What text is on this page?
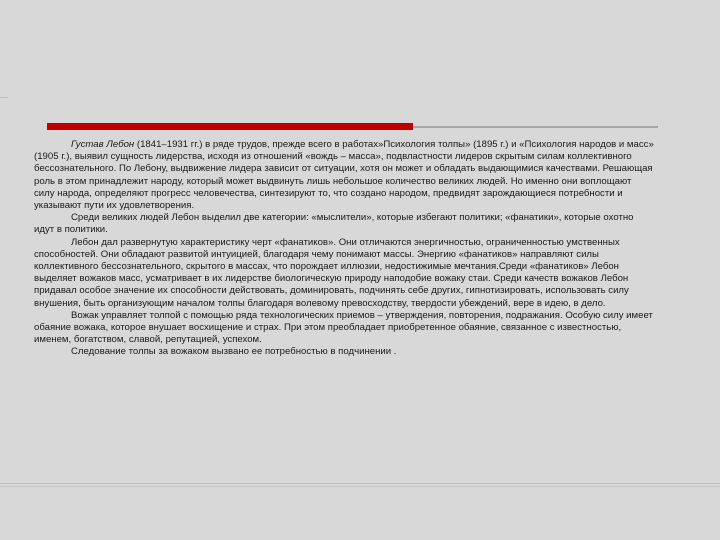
Густав Лебон (1841–1931 гг.) в ряде трудов, прежде всего в работах»Психология толпы» (1895 г.) и «Психология народов и масс» (1905 г.), выявил сущность лидерства, исходя из отношений «вождь – масса», подвластности лидеров скрытым силам коллективного бессознательного. По Лебону, выдвижение лидера зависит от ситуации, хотя он может и обладать выдающимися качествами. Решающая роль в этом принадлежит народу, который может выдвинуть лишь небольшое количество великих людей. Но именно они воплощают силу народа, определяют прогресс человечества, синтезируют то, что создано народом, предвидят зарождающиеся потребности и указывают пути их удовлетворения.

Среди великих людей Лебон выделил две категории: «мыслители», которые избегают политики; «фанатики», которые охотно идут в политики.

Лебон дал развернутую характеристику черт «фанатиков». Они отличаются энергичностью, ограниченностью умственных способностей. Они обладают развитой интуицией, благодаря чему понимают массы. Энергию «фанатиков» направляют силы коллективного бессознательного, скрытого в массах, что порождает иллюзии, недостижимые мечтания.Среди «фанатиков» Лебон выделяет вожаков масс, усматривает в их лидерстве биологическую природу наподобие вожаку стаи. Среди качеств вожаков Лебон придавал особое значение их способности действовать, доминировать, подчинять себе других, гипнотизировать, использовать силу внушения, быть организующим началом толпы благодаря волевому превосходству, твердости убеждений, вере в идею, в дело.

Вожак управляет толпой с помощью ряда технологических приемов – утверждения, повторения, подражания. Особую силу имеет обаяние вожака, которое внушает восхищение и страх. При этом преобладает приобретенное обаяние, связанное с известностью, именем, богатством, славой, репутацией, успехом.

Следование толпы за вожаком вызвано ее потребностью в подчинении .
